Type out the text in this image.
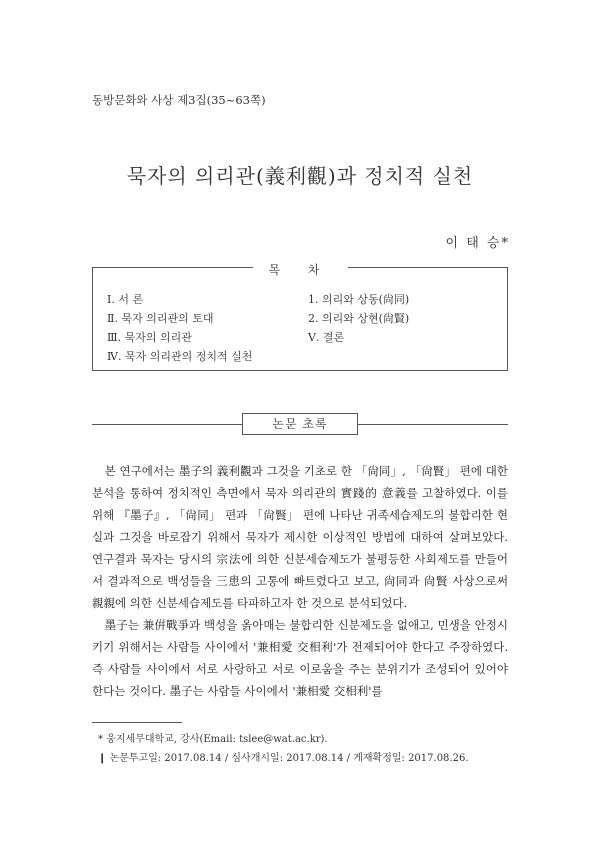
동방문화와 사상 제3집(35~63쪽)
묵자의 의리관(義利觀)과 정치적 실천
이 태 승*
목 차
Ⅰ. 서 론
Ⅱ. 묵자 의리관의 토대
Ⅲ. 묵자의 의리관
Ⅳ. 묵자 의리관의 정치적 실천
1. 의리와 상동(尙同)
2. 의리와 상현(尙賢)
Ⅴ. 결론
논문 초록

본 연구에서는 墨子의 義利觀과 그것을 기초로 한 「尙同」, 「尙賢」 편에 대한 분석을 통하여 정치적인 측면에서 묵자 의리관의 實踐的 意義를 고찰하였다. 이를 위해 『墨子』, 「尙同」 편과 「尙賢」 편에 나타난 귀족세습제도의 불합리한 현실과 그것을 바로잡기 위해서 묵자가 제시한 이상적인 방법에 대하여 살펴보았다. 연구결과 묵자는 당시의 宗法에 의한 신분세습제도가 불평등한 사회제도를 만들어서 결과적으로 백성들을 三患의 고통에 빠트렸다고 보고, 尙同과 尙賢 사상으로써 親親에 의한 신분세습제도를 타파하고자 한 것으로 분석되었다.

墨子는 兼倂戰爭과 백성을 옭아매는 불합리한 신분제도을 없애고, 민생을 안정시키기 위해서는 사람들 사이에서 '兼相愛 交相利'가 전제되어야 한다고 주장하였다. 즉 사람들 사이에서 서로 사랑하고 서로 이로움을 주는 분위기가 조성되어 있어야 한다는 것이다. 墨子는 사람들 사이에서 '兼相愛 交相利'를

* 웅지세무대학교, 강사(Email: tslee@wat.ac.kr).
❙ 논문투고일: 2017.08.14 / 심사개시일: 2017.08.14 / 게재확정일: 2017.08.26.
